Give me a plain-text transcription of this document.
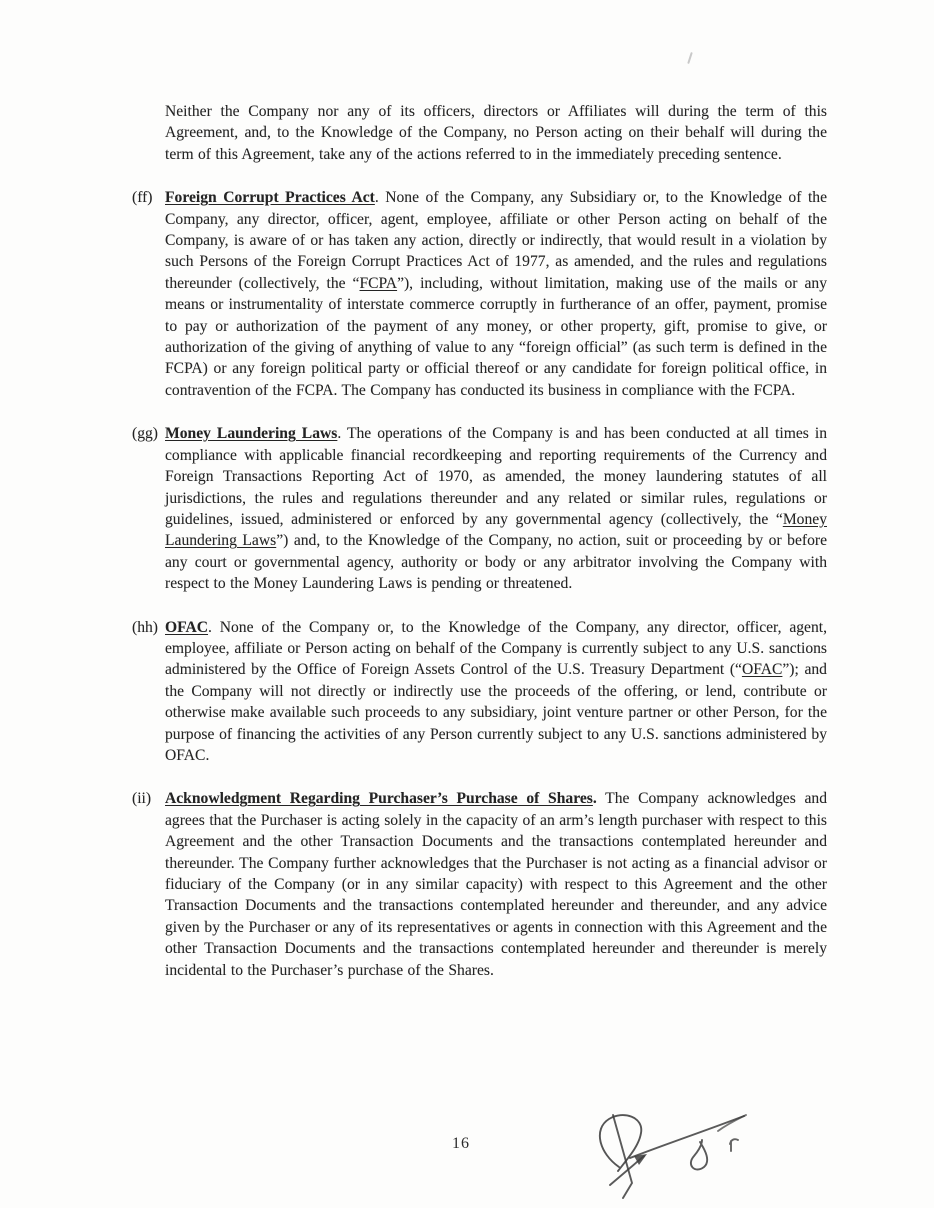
Neither the Company nor any of its officers, directors or Affiliates will during the term of this Agreement, and, to the Knowledge of the Company, no Person acting on their behalf will during the term of this Agreement, take any of the actions referred to in the immediately preceding sentence.
(ff) Foreign Corrupt Practices Act. None of the Company, any Subsidiary or, to the Knowledge of the Company, any director, officer, agent, employee, affiliate or other Person acting on behalf of the Company, is aware of or has taken any action, directly or indirectly, that would result in a violation by such Persons of the Foreign Corrupt Practices Act of 1977, as amended, and the rules and regulations thereunder (collectively, the “FCPA”), including, without limitation, making use of the mails or any means or instrumentality of interstate commerce corruptly in furtherance of an offer, payment, promise to pay or authorization of the payment of any money, or other property, gift, promise to give, or authorization of the giving of anything of value to any “foreign official” (as such term is defined in the FCPA) or any foreign political party or official thereof or any candidate for foreign political office, in contravention of the FCPA. The Company has conducted its business in compliance with the FCPA.
(gg) Money Laundering Laws. The operations of the Company is and has been conducted at all times in compliance with applicable financial recordkeeping and reporting requirements of the Currency and Foreign Transactions Reporting Act of 1970, as amended, the money laundering statutes of all jurisdictions, the rules and regulations thereunder and any related or similar rules, regulations or guidelines, issued, administered or enforced by any governmental agency (collectively, the “Money Laundering Laws”) and, to the Knowledge of the Company, no action, suit or proceeding by or before any court or governmental agency, authority or body or any arbitrator involving the Company with respect to the Money Laundering Laws is pending or threatened.
(hh) OFAC. None of the Company or, to the Knowledge of the Company, any director, officer, agent, employee, affiliate or Person acting on behalf of the Company is currently subject to any U.S. sanctions administered by the Office of Foreign Assets Control of the U.S. Treasury Department (“OFAC”); and the Company will not directly or indirectly use the proceeds of the offering, or lend, contribute or otherwise make available such proceeds to any subsidiary, joint venture partner or other Person, for the purpose of financing the activities of any Person currently subject to any U.S. sanctions administered by OFAC.
(ii) Acknowledgment Regarding Purchaser’s Purchase of Shares. The Company acknowledges and agrees that the Purchaser is acting solely in the capacity of an arm’s length purchaser with respect to this Agreement and the other Transaction Documents and the transactions contemplated hereunder and thereunder. The Company further acknowledges that the Purchaser is not acting as a financial advisor or fiduciary of the Company (or in any similar capacity) with respect to this Agreement and the other Transaction Documents and the transactions contemplated hereunder and thereunder, and any advice given by the Purchaser or any of its representatives or agents in connection with this Agreement and the other Transaction Documents and the transactions contemplated hereunder and thereunder is merely incidental to the Purchaser’s purchase of the Shares.
16
